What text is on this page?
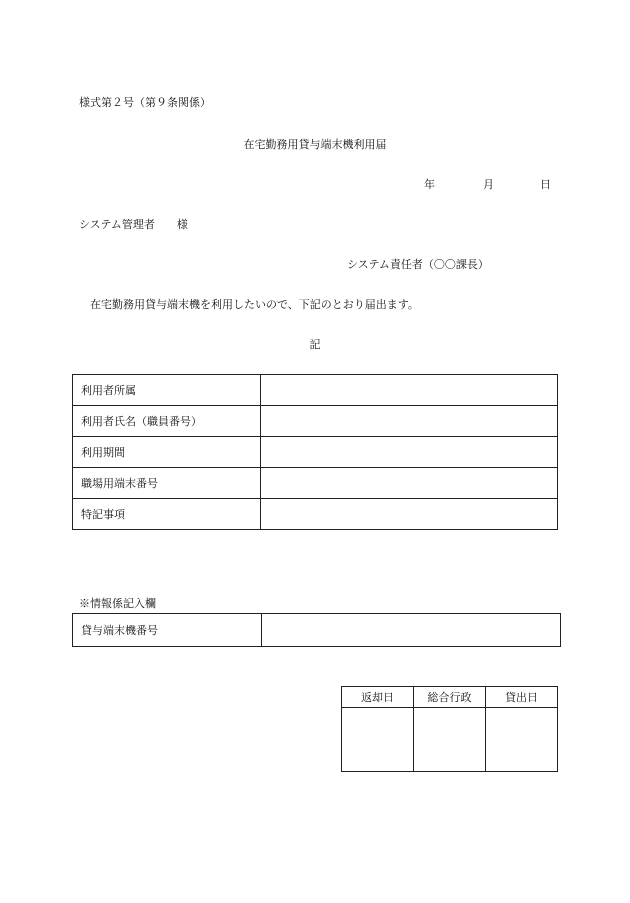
様式第２号（第９条関係）
在宅勤務用貸与端末機利用届
年	月	日
システム管理者 様
システム責任者（〇〇課長）
在宅勤務用貸与端末機を利用したいので、下記のとおり届出ます。
記
利用者所属	
利用者氏名（職員番号）	
利用期間	
職場用端末番号	
特記事項	
※情報係記入欄
貸与端末機番号	
返却日	総合行政	貸出日
